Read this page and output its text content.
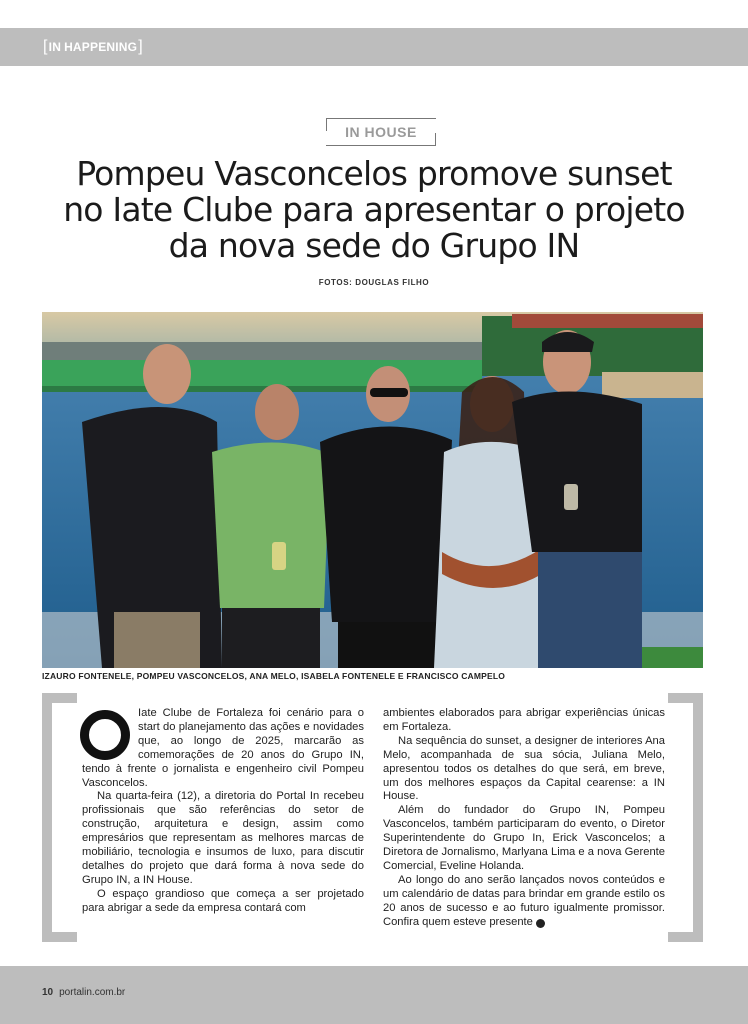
[ IN HAPPENING ]
IN HOUSE
Pompeu Vasconcelos promove sunset
no Iate Clube para apresentar o projeto
da nova sede do Grupo IN
FOTOS: DOUGLAS FILHO
IZAURO FONTENELE, POMPEU VASCONCELOS, ANA MELO, ISABELA FONTENELE E FRANCISCO CAMPELO

Iate Clube de Fortaleza foi cenário para o start do planejamento das ações e novidades que, ao longo de 2025, marcarão as comemorações de 20 anos do Grupo IN, tendo à frente o jornalista e engenheiro civil Pompeu Vasconcelos.

Na quarta-feira (12), a diretoria do Portal In recebeu profissionais que são referências do setor de construção, arquitetura e design, assim como empresários que representam as melhores marcas de mobiliário, tecnologia e insumos de luxo, para discutir detalhes do projeto que dará forma à nova sede do Grupo IN, a IN House.

O espaço grandioso que começa a ser projetado para abrigar a sede da empresa contará com

ambientes elaborados para abrigar experiências únicas em Fortaleza.

Na sequência do sunset, a designer de interiores Ana Melo, acompanhada de sua sócia, Juliana Melo, apresentou todos os detalhes do que será, em breve, um dos melhores espaços da Capital cearense: a IN House.

Além do fundador do Grupo IN, Pompeu Vasconcelos, também participaram do evento, o Diretor Superintendente do Grupo In, Erick Vasconcelos; a Diretora de Jornalismo, Marlyana Lima e a nova Gerente Comercial, Eveline Holanda.

Ao longo do ano serão lançados novos conteúdos e um calendário de datas para brindar em grande estilo os 20 anos de sucesso e ao futuro igualmente promissor. Confira quem esteve presente	●

10 portalin.com.br
